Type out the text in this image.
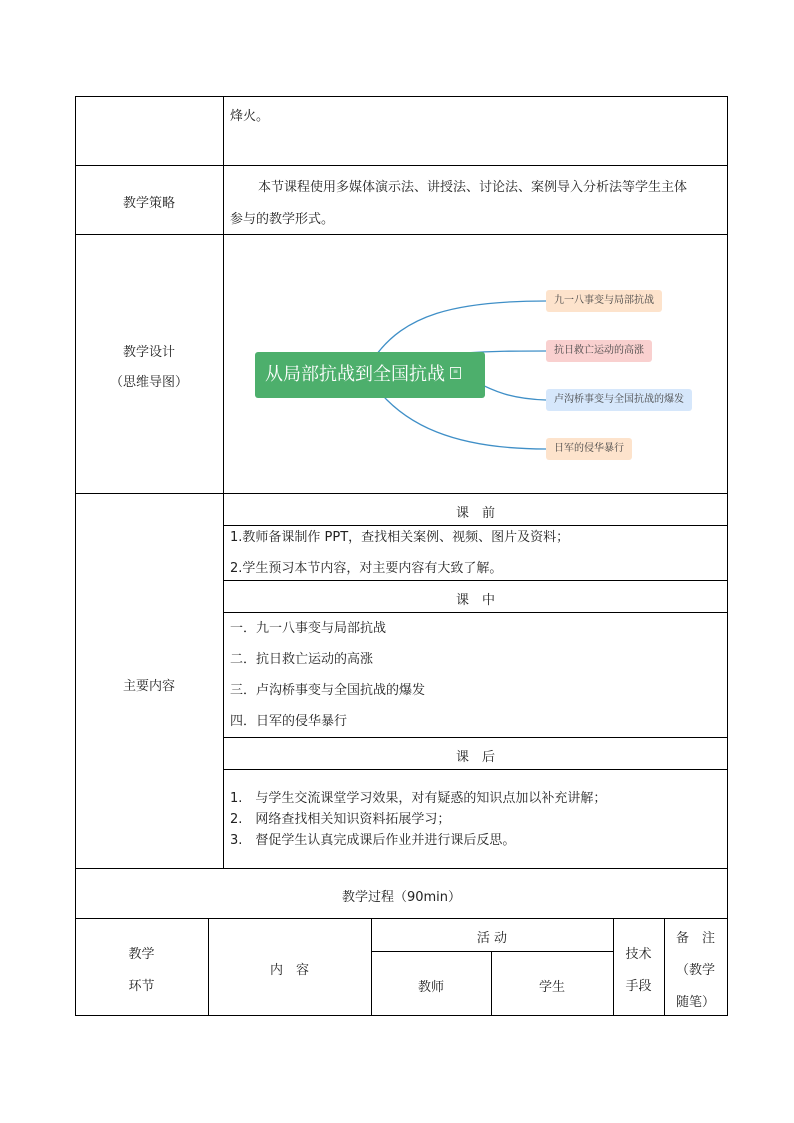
烽火。
教学策略
本节课程使用多媒体演示法、讲授法、讨论法、案例导入分析法等学生主体
参与的教学形式。
教学设计
（思维导图）	从局部抗战到全国抗战 ≡
九一八事变与局部抗战
抗日救亡运动的高涨
卢沟桥事变与全国抗战的爆发
日军的侵华暴行
主要内容
课　前
1.教师备课制作 PPT，查找相关案例、视频、图片及资料；
2.学生预习本节内容，对主要内容有大致了解。
课　中
一．九一八事变与局部抗战
二．抗日救亡运动的高涨
三．卢沟桥事变与全国抗战的爆发
四．日军的侵华暴行
课　后
1.　与学生交流课堂学习效果，对有疑惑的知识点加以补充讲解；
2.　网络查找相关知识资料拓展学习；
3.　督促学生认真完成课后作业并进行课后反思。
教学过程（90min）
教学
环节
内　容
活 动
教师	学生
技术
手段
备　注
（教学
随笔）
